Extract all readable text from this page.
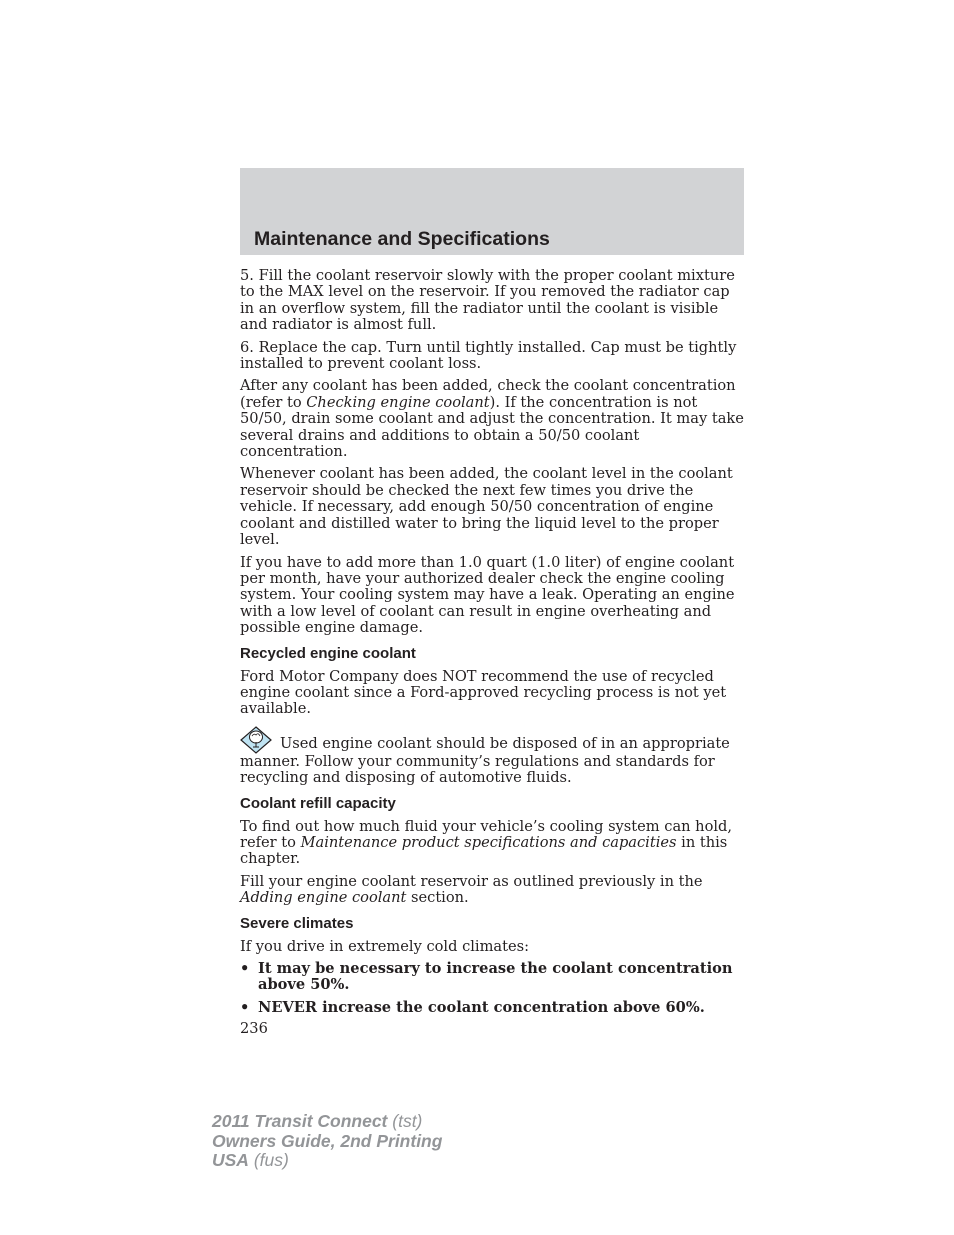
Maintenance and Specifications

5. Fill the coolant reservoir slowly with the proper coolant mixture to the MAX level on the reservoir. If you removed the radiator cap in an overflow system, fill the radiator until the coolant is visible and radiator is almost full.

6. Replace the cap. Turn until tightly installed. Cap must be tightly installed to prevent coolant loss.

After any coolant has been added, check the coolant concentration (refer to Checking engine coolant). If the concentration is not 50/50, drain some coolant and adjust the concentration. It may take several drains and additions to obtain a 50/50 coolant concentration.

Whenever coolant has been added, the coolant level in the coolant reservoir should be checked the next few times you drive the vehicle. If necessary, add enough 50/50 concentration of engine coolant and distilled water to bring the liquid level to the proper level.

If you have to add more than 1.0 quart (1.0 liter) of engine coolant per month, have your authorized dealer check the engine cooling system. Your cooling system may have a leak. Operating an engine with a low level of coolant can result in engine overheating and possible engine damage.

Recycled engine coolant

Ford Motor Company does NOT recommend the use of recycled engine coolant since a Ford-approved recycling process is not yet available.

Used engine coolant should be disposed of in an appropriate manner. Follow your community’s regulations and standards for recycling and disposing of automotive fluids.

Coolant refill capacity

To find out how much fluid your vehicle’s cooling system can hold, refer to Maintenance product specifications and capacities in this chapter.

Fill your engine coolant reservoir as outlined previously in the Adding engine coolant section.

Severe climates

If you drive in extremely cold climates:

• It may be necessary to increase the coolant concentration above 50%.
• NEVER increase the coolant concentration above 60%.
236
2011 Transit Connect (tst)
Owners Guide, 2nd Printing
USA (fus)
